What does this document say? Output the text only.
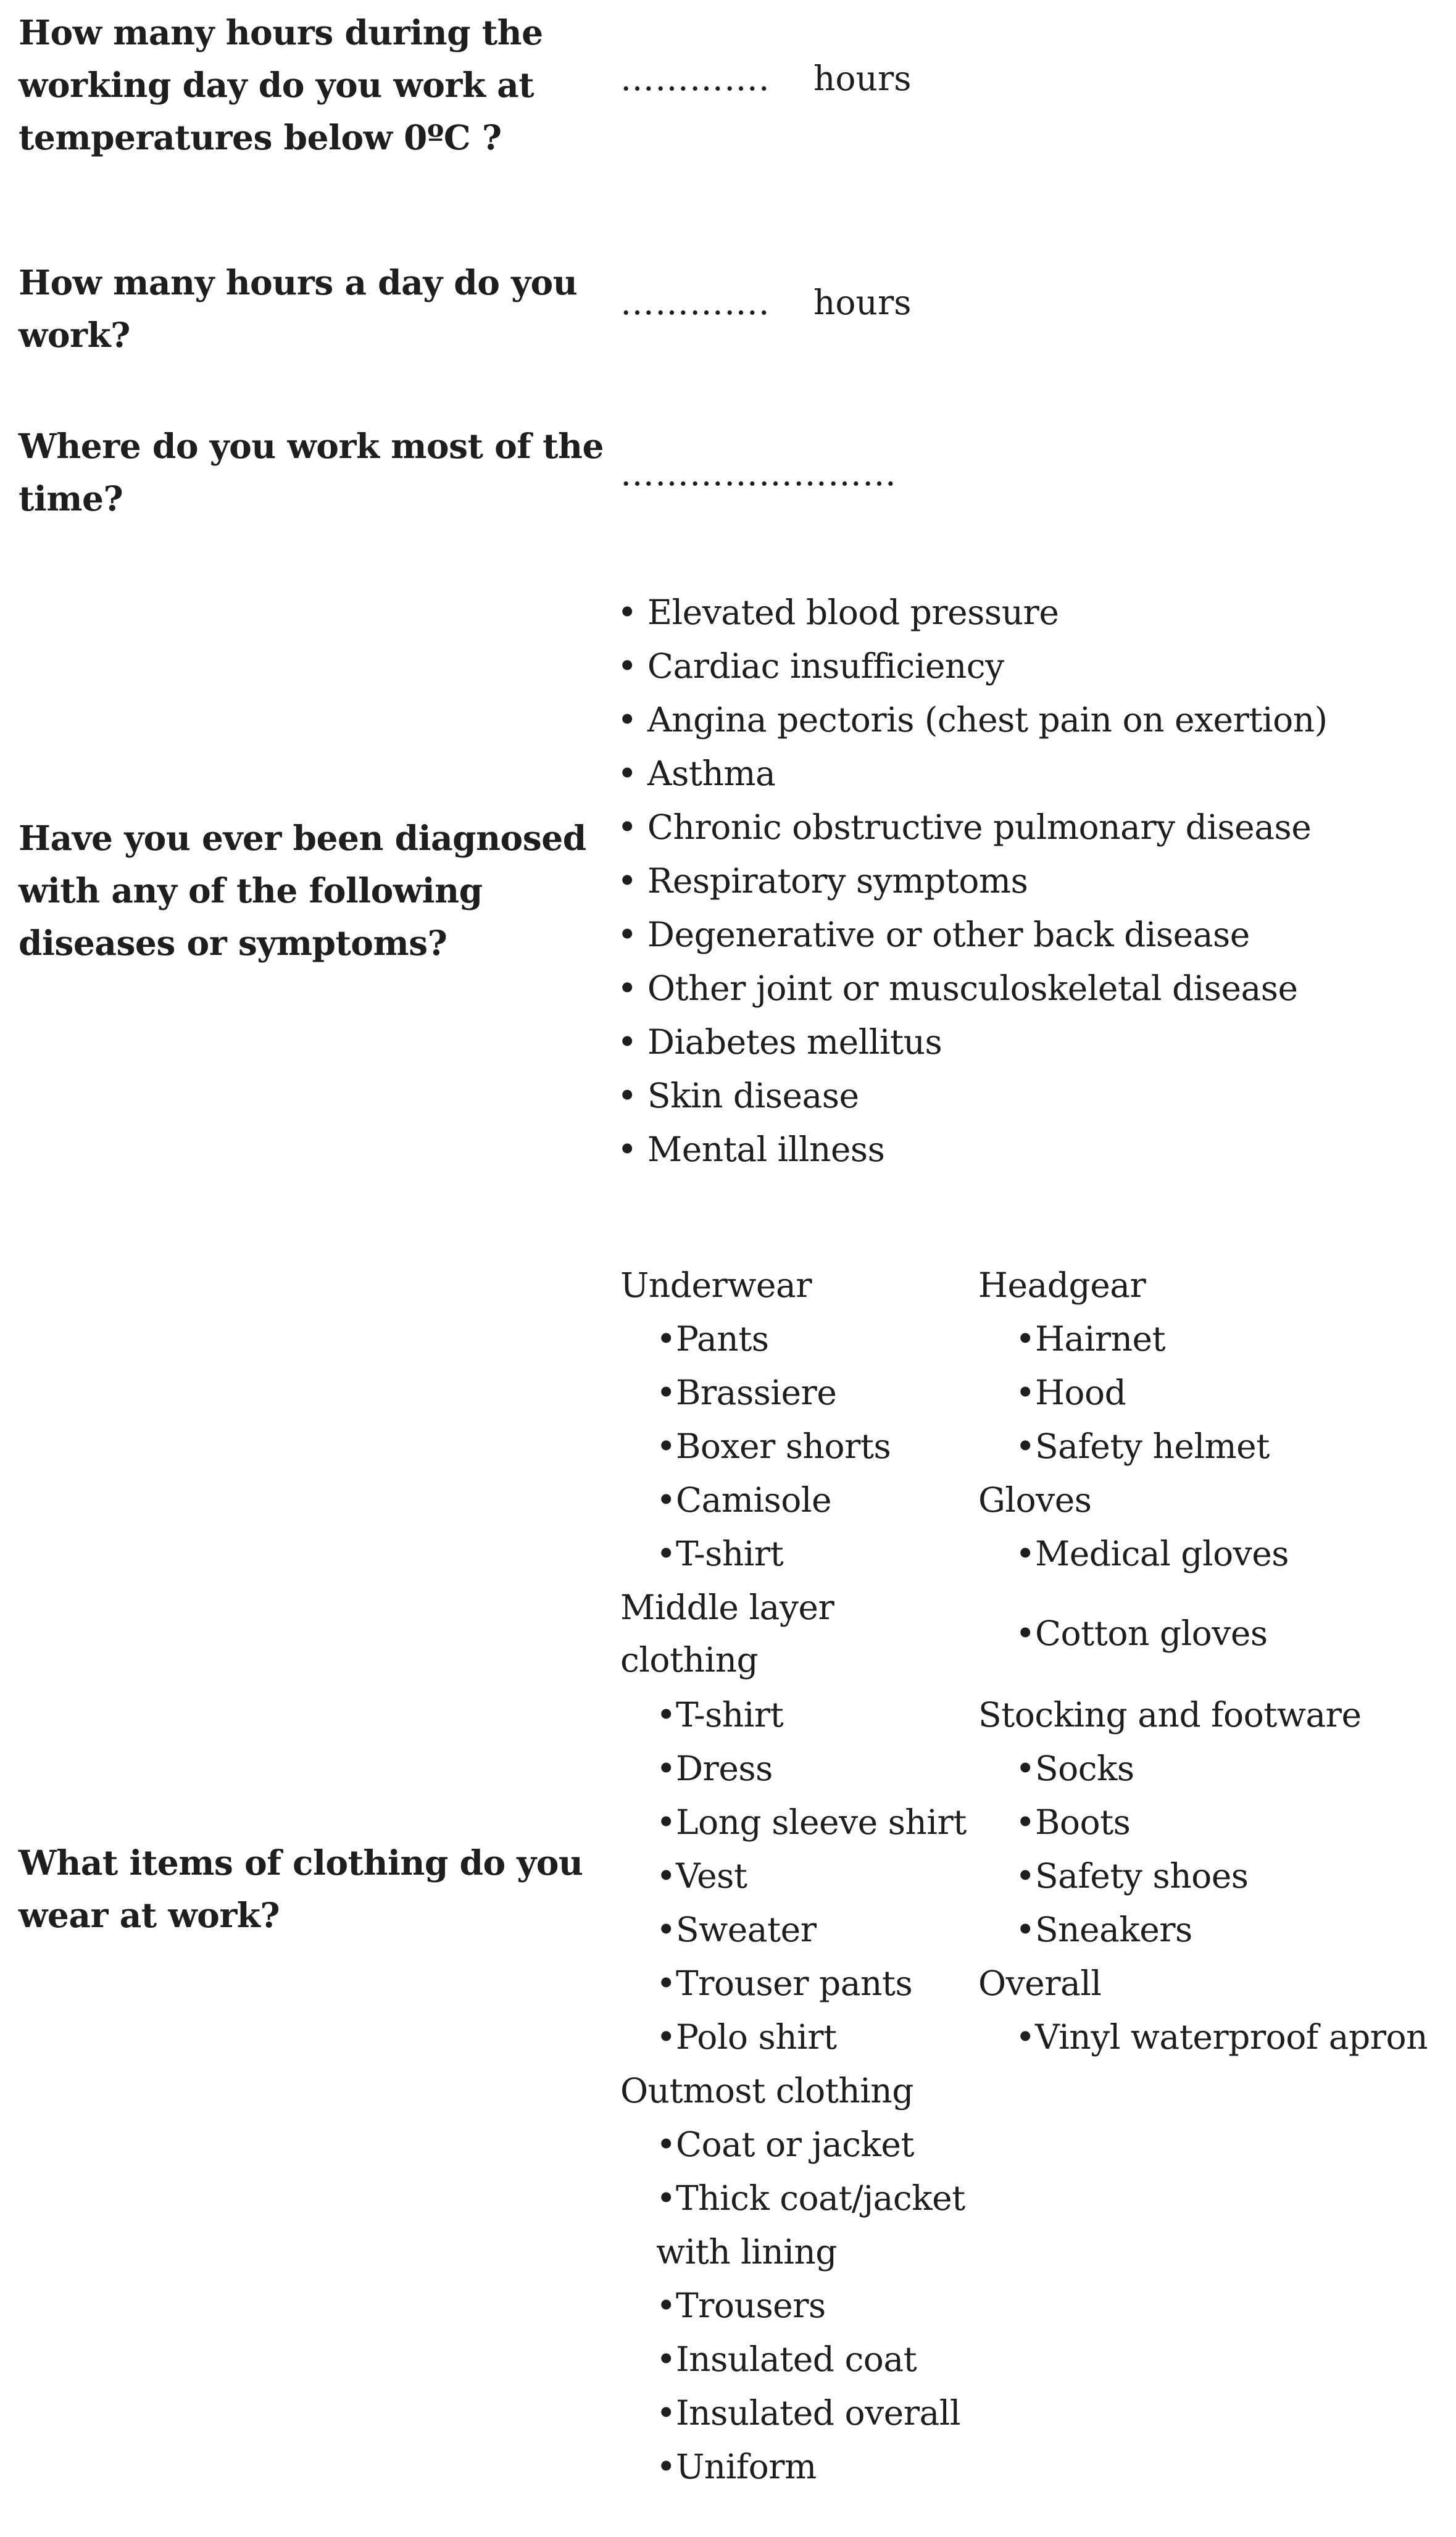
How many hours during the working day do you work at temperatures below 0ºC ?
…………. hours
How many hours a day do you work?
…………. hours
Where do you work most of the time?
……………………
Have you ever been diagnosed with any of the following diseases or symptoms?
• Elevated blood pressure
• Cardiac insufficiency
• Angina pectoris (chest pain on exertion)
• Asthma
• Chronic obstructive pulmonary disease
• Respiratory symptoms
• Degenerative or other back disease
• Other joint or musculoskeletal disease
• Diabetes mellitus
• Skin disease
• Mental illness
What items of clothing do you wear at work?
Underwear
•Pants
•Brassiere
•Boxer shorts
•Camisole
•T-shirt
Middle layer
clothing
•T-shirt
•Dress
•Long sleeve shirt
•Vest
•Sweater
•Trouser pants
•Polo shirt
Outmost clothing
•Coat or jacket
•Thick coat/jacket
with lining
•Trousers
•Insulated coat
•Insulated overall
•Uniform
Headgear
•Hairnet
•Hood
•Safety helmet
Gloves
•Medical gloves
•Cotton gloves
Stocking and footware
•Socks
•Boots
•Safety shoes
•Sneakers
Overall
•Vinyl waterproof apron
